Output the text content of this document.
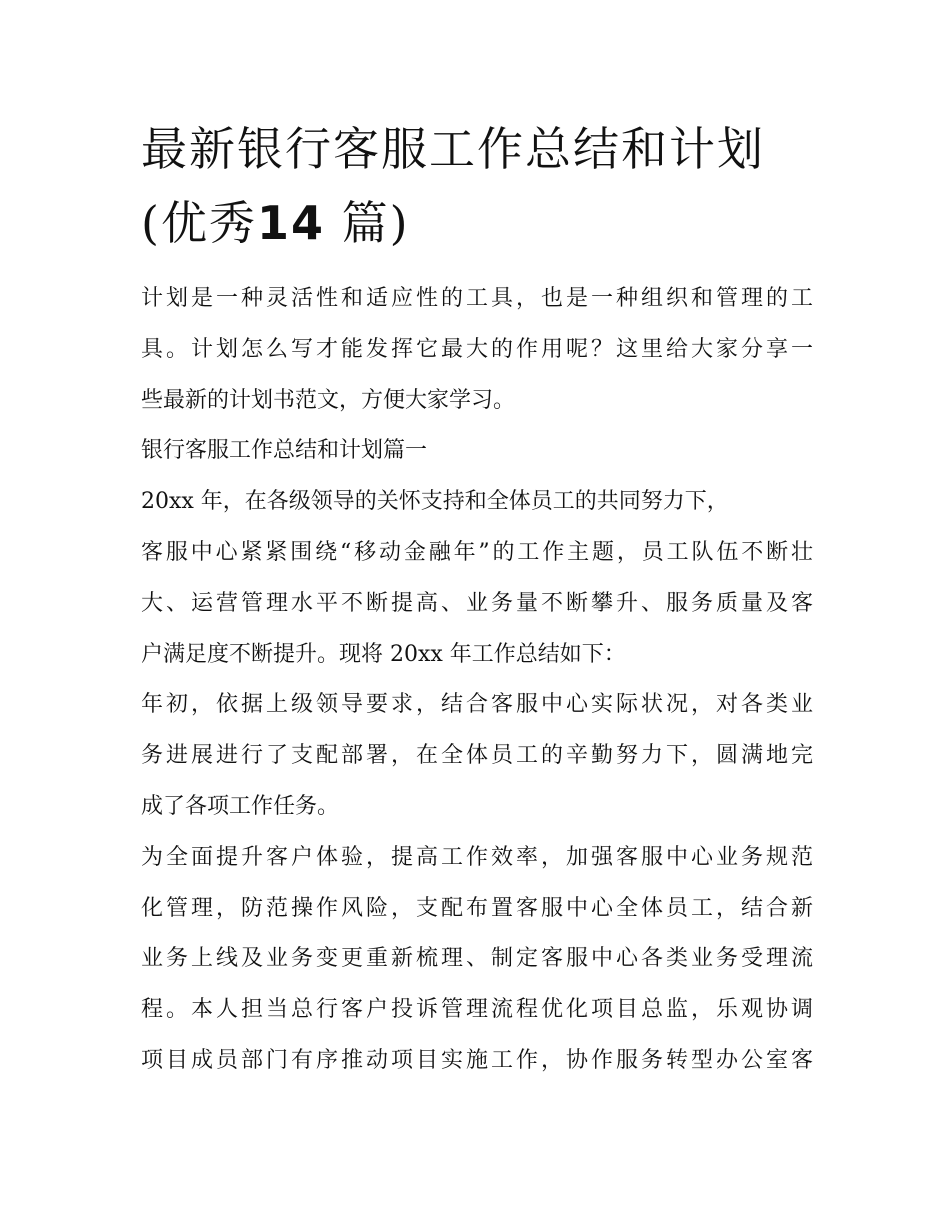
最新银行客服工作总结和计划
(优秀14 篇)
计划是一种灵活性和适应性的工具，也是一种组织和管理的工
具。计划怎么写才能发挥它最大的作用呢？这里给大家分享一
些最新的计划书范文，方便大家学习。
银行客服工作总结和计划篇一
20xx 年，在各级领导的关怀支持和全体员工的共同努力下，
客服中心紧紧围绕“移动金融年”的工作主题，员工队伍不断壮
大、运营管理水平不断提高、业务量不断攀升、服务质量及客
户满足度不断提升。现将 20xx 年工作总结如下：
年初，依据上级领导要求，结合客服中心实际状况，对各类业
务进展进行了支配部署，在全体员工的辛勤努力下，圆满地完
成了各项工作任务。
为全面提升客户体验，提高工作效率，加强客服中心业务规范
化管理，防范操作风险，支配布置客服中心全体员工，结合新
业务上线及业务变更重新梳理、制定客服中心各类业务受理流
程。本人担当总行客户投诉管理流程优化项目总监，乐观协调
项目成员部门有序推动项目实施工作，协作服务转型办公室客
